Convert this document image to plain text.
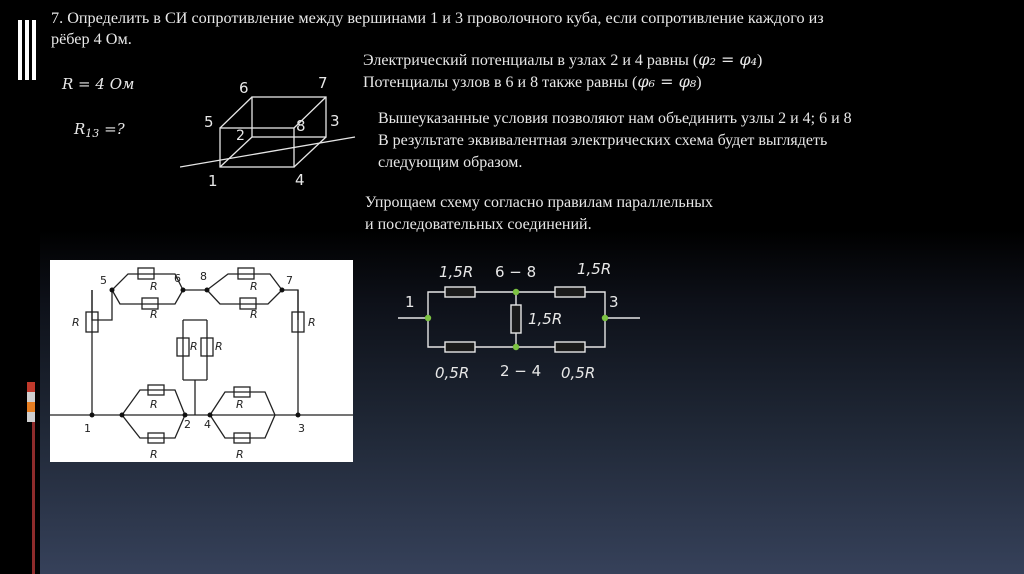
7. Определить в СИ сопротивление между вершинами 1 и 3 проволочного куба, если сопротивление каждого из
рёбер 4 Ом.
R = 4 Ом
$R_{13}$ =?
6	7
5
2
8 3
1	4
Электрический потенциалы в узлах 2 и 4 равны (φ₂ = φ₄)
Потенциалы узлов в 6 и 8 также равны (φ₆ = φ₈)
Вышеуказанные условия позволяют нам объединить узлы 2 и 4; 6 и 8
В результате эквивалентная электрических схема будет выглядеть
следующим образом.
Упрощаем схему согласно правилам параллельных
и последовательных соединений.
R
R
R
R
R	R
R
R
R
R
R R
5	6 8	7
1	2 4	3
1	3
1,5R 6 − 8	1,5R
1,5R
0,5R 2 − 4 0,5R
